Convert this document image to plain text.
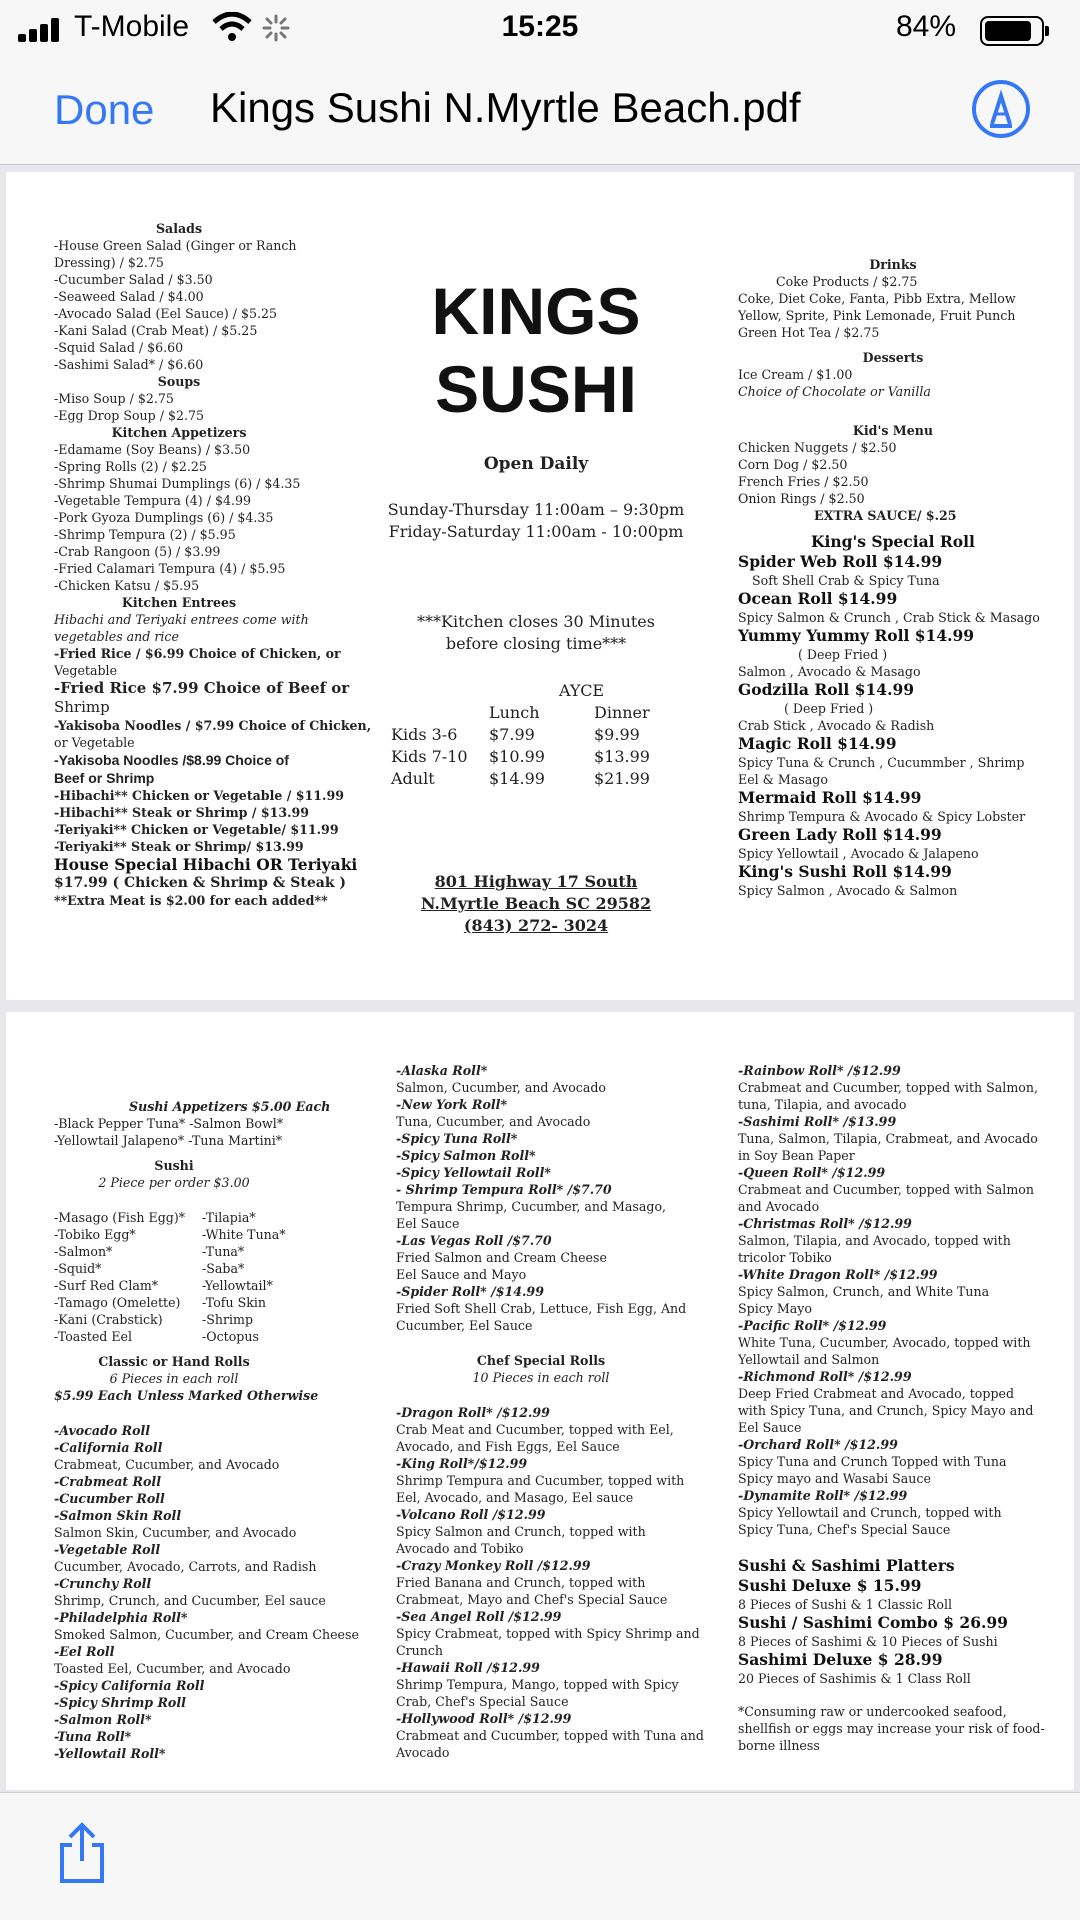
T-Mobile	15:25	84%
Done Kings Sushi N.Myrtle Beach.pdf
Salads
-House Green Salad (Ginger or Ranch
Dressing) / $2.75
-Cucumber Salad / $3.50
-Seaweed Salad / $4.00
-Avocado Salad (Eel Sauce) / $5.25
-Kani Salad (Crab Meat) / $5.25
-Squid Salad / $6.60
-Sashimi Salad* / $6.60
Soups
-Miso Soup / $2.75
-Egg Drop Soup / $2.75
Kitchen Appetizers
-Edamame (Soy Beans) / $3.50
-Spring Rolls (2) / $2.25
-Shrimp Shumai Dumplings (6) / $4.35
-Vegetable Tempura (4) / $4.99
-Pork Gyoza Dumplings (6) / $4.35
-Shrimp Tempura (2) / $5.95
-Crab Rangoon (5) / $3.99
-Fried Calamari Tempura (4) / $5.95
-Chicken Katsu / $5.95
Kitchen Entrees
Hibachi and Teriyaki entrees come with
vegetables and rice
-Fried Rice / $6.99 Choice of Chicken, or
Vegetable
-Fried Rice $7.99 Choice of Beef or
Shrimp
-Yakisoba Noodles / $7.99 Choice of Chicken,
or Vegetable
-Yakisoba Noodles /$8.99 Choice of
Beef or Shrimp
-Hibachi** Chicken or Vegetable / $11.99
-Hibachi** Steak or Shrimp / $13.99
-Teriyaki** Chicken or Vegetable/ $11.99
-Teriyaki** Steak or Shrimp/ $13.99
House Special Hibachi OR Teriyaki
$17.99 ( Chicken & Shrimp & Steak )
**Extra Meat is $2.00 for each added**
KINGS
SUSHI
Open Daily
Sunday-Thursday 11:00am – 9:30pm
Friday-Saturday 11:00am - 10:00pm
***Kitchen closes 30 Minutes
before closing time***
	AYCE	
	Lunch	Dinner
Kids 3-6	$7.99	$9.99
Kids 7-10	$10.99	$13.99
Adult	$14.99	$21.99
801 Highway 17 South
N.Myrtle Beach SC 29582
(843) 272- 3024
Drinks
Coke Products / $2.75
Coke, Diet Coke, Fanta, Pibb Extra, Mellow
Yellow, Sprite, Pink Lemonade, Fruit Punch
Green Hot Tea / $2.75
Desserts
Ice Cream / $1.00
Choice of Chocolate or Vanilla
Kid's Menu
Chicken Nuggets / $2.50
Corn Dog / $2.50
French Fries / $2.50
Onion Rings / $2.50
EXTRA SAUCE/ $.25
King's Special Roll
Spider Web Roll $14.99
Soft Shell Crab & Spicy Tuna
Ocean Roll $14.99
Spicy Salmon & Crunch , Crab Stick & Masago
Yummy Yummy Roll $14.99
( Deep Fried )
Salmon , Avocado & Masago
Godzilla Roll $14.99
( Deep Fried )
Crab Stick , Avocado & Radish
Magic Roll $14.99
Spicy Tuna & Crunch , Cucummber , Shrimp
Eel & Masago
Mermaid Roll $14.99
Shrimp Tempura & Avocado & Spicy Lobster
Green Lady Roll $14.99
Spicy Yellowtail , Avocado & Jalapeno
King's Sushi Roll $14.99
Spicy Salmon , Avocado & Salmon
Sushi Appetizers $5.00 Each
-Black Pepper Tuna* -Salmon Bowl*
-Yellowtail Jalapeno* -Tuna Martini*
Sushi
2 Piece per order $3.00
-Masago (Fish Egg)*
-Tobiko Egg*
-Salmon*
-Squid*
-Surf Red Clam*
-Tamago (Omelette)
-Kani (Crabstick)
-Toasted Eel
-Tilapia*
-White Tuna*
-Tuna*
-Saba*
-Yellowtail*
-Tofu Skin
-Shrimp
-Octopus
Classic or Hand Rolls
6 Pieces in each roll
$5.99 Each Unless Marked Otherwise
-Avocado Roll
-California Roll
Crabmeat, Cucumber, and Avocado
-Crabmeat Roll
-Cucumber Roll
-Salmon Skin Roll
Salmon Skin, Cucumber, and Avocado
-Vegetable Roll
Cucumber, Avocado, Carrots, and Radish
-Crunchy Roll
Shrimp, Crunch, and Cucumber, Eel sauce
-Philadelphia Roll*
Smoked Salmon, Cucumber, and Cream Cheese
-Eel Roll
Toasted Eel, Cucumber, and Avocado
-Spicy California Roll
-Spicy Shrimp Roll
-Salmon Roll*
-Tuna Roll*
-Yellowtail Roll*
-Alaska Roll*
Salmon, Cucumber, and Avocado
-New York Roll*
Tuna, Cucumber, and Avocado
-Spicy Tuna Roll*
-Spicy Salmon Roll*
-Spicy Yellowtail Roll*
- Shrimp Tempura Roll* /$7.70
Tempura Shrimp, Cucumber, and Masago,
Eel Sauce
-Las Vegas Roll /$7.70
Fried Salmon and Cream Cheese
Eel Sauce and Mayo
-Spider Roll* /$14.99
Fried Soft Shell Crab, Lettuce, Fish Egg, And
Cucumber, Eel Sauce
Chef Special Rolls
10 Pieces in each roll
-Dragon Roll* /$12.99
Crab Meat and Cucumber, topped with Eel,
Avocado, and Fish Eggs, Eel Sauce
-King Roll*/$12.99
Shrimp Tempura and Cucumber, topped with
Eel, Avocado, and Masago, Eel sauce
-Volcano Roll /$12.99
Spicy Salmon and Crunch, topped with
Avocado and Tobiko
-Crazy Monkey Roll /$12.99
Fried Banana and Crunch, topped with
Crabmeat, Mayo and Chef's Special Sauce
-Sea Angel Roll /$12.99
Spicy Crabmeat, topped with Spicy Shrimp and
Crunch
-Hawaii Roll /$12.99
Shrimp Tempura, Mango, topped with Spicy
Crab, Chef's Special Sauce
-Hollywood Roll* /$12.99
Crabmeat and Cucumber, topped with Tuna and
Avocado
-Rainbow Roll* /$12.99
Crabmeat and Cucumber, topped with Salmon,
tuna, Tilapia, and avocado
-Sashimi Roll* /$13.99
Tuna, Salmon, Tilapia, Crabmeat, and Avocado
in Soy Bean Paper
-Queen Roll* /$12.99
Crabmeat and Cucumber, topped with Salmon
and Avocado
-Christmas Roll* /$12.99
Salmon, Tilapia, and Avocado, topped with
tricolor Tobiko
-White Dragon Roll* /$12.99
Spicy Salmon, Crunch, and White Tuna
Spicy Mayo
-Pacific Roll* /$12.99
White Tuna, Cucumber, Avocado, topped with
Yellowtail and Salmon
-Richmond Roll* /$12.99
Deep Fried Crabmeat and Avocado, topped
with Spicy Tuna, and Crunch, Spicy Mayo and
Eel Sauce
-Orchard Roll* /$12.99
Spicy Tuna and Crunch Topped with Tuna
Spicy mayo and Wasabi Sauce
-Dynamite Roll* /$12.99
Spicy Yellowtail and Crunch, topped with
Spicy Tuna, Chef's Special Sauce
Sushi & Sashimi Platters
Sushi Deluxe $ 15.99
8 Pieces of Sushi & 1 Classic Roll
Sushi / Sashimi Combo $ 26.99
8 Pieces of Sashimi & 10 Pieces of Sushi
Sashimi Deluxe $ 28.99
20 Pieces of Sashimis & 1 Class Roll
*Consuming raw or undercooked seafood,
shellfish or eggs may increase your risk of food-
borne illness
